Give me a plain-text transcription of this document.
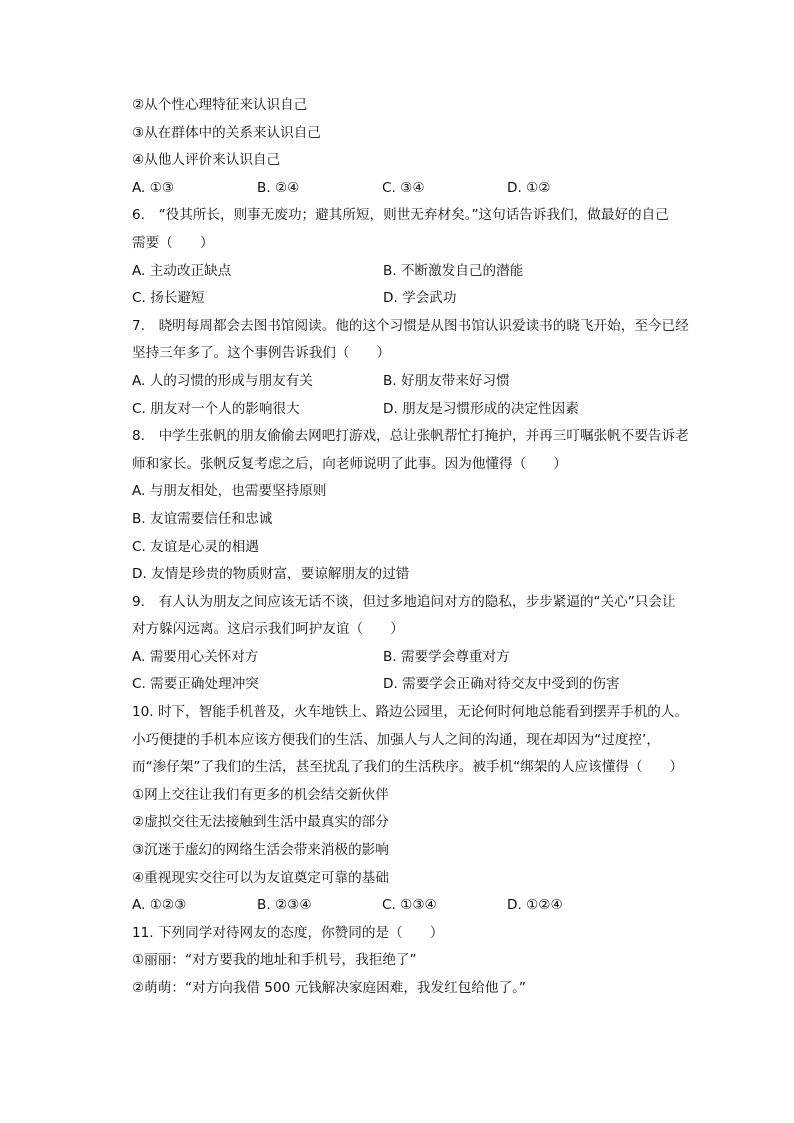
②从个性心理特征来认识自己
③从在群体中的关系来认识自己
④从他人评价来认识自己
A. ①③	B. ②④	C. ③④	D. ①②
6.　“役其所长，则事无废功；避其所短，则世无弃材矣。”这句话告诉我们，做最好的自己
需要（　　）
A. 主动改正缺点	B. 不断激发自己的潜能
C. 扬长避短	D. 学会武功
7.　晓明每周都会去图书馆阅读。他的这个习惯是从图书馆认识爱读书的晓飞开始，至今已经
坚持三年多了。这个事例告诉我们（　　）
A. 人的习惯的形成与朋友有关	B. 好朋友带来好习惯
C. 朋友对一个人的影响很大	D. 朋友是习惯形成的决定性因素
8.　中学生张帆的朋友偷偷去网吧打游戏，总让张帆帮忙打掩护，并再三叮嘱张帆不要告诉老
师和家长。张帆反复考虑之后，向老师说明了此事。因为他懂得（　　）
A. 与朋友相处，也需要坚持原则
B. 友谊需要信任和忠诚
C. 友谊是心灵的相遇
D. 友情是珍贵的物质财富，要谅解朋友的过错
9.　有人认为朋友之间应该无话不谈，但过多地追问对方的隐私，步步紧逼的“关心”只会让
对方躲闪远离。这启示我们呵护友谊（　　）
A. 需要用心关怀对方	B. 需要学会尊重对方
C. 需要正确处理冲突	D. 需要学会正确对待交友中受到的伤害
10. 时下，智能手机普及，火车地铁上、路边公园里，无论何时何地总能看到摆弄手机的人。
小巧便捷的手机本应该方便我们的生活、加强人与人之间的沟通，现在却因为“过度控’，
而“渗仔架”了我们的生活，甚至扰乱了我们的生活秩序。被手机“绑架的人应该懂得（　　）
①网上交往让我们有更多的机会结交新伙伴
②虚拟交往无法接触到生活中最真实的部分
③沉迷于虚幻的网络生活会带来消极的影响
④重视现实交往可以为友谊奠定可靠的基础
A. ①②③	B. ②③④	C. ①③④	D. ①②④
11. 下列同学对待网友的态度，你赞同的是（　　）
①丽丽：“对方要我的地址和手机号，我拒绝了”
②萌萌：“对方向我借 500 元钱解决家庭困难，我发红包给他了。”
